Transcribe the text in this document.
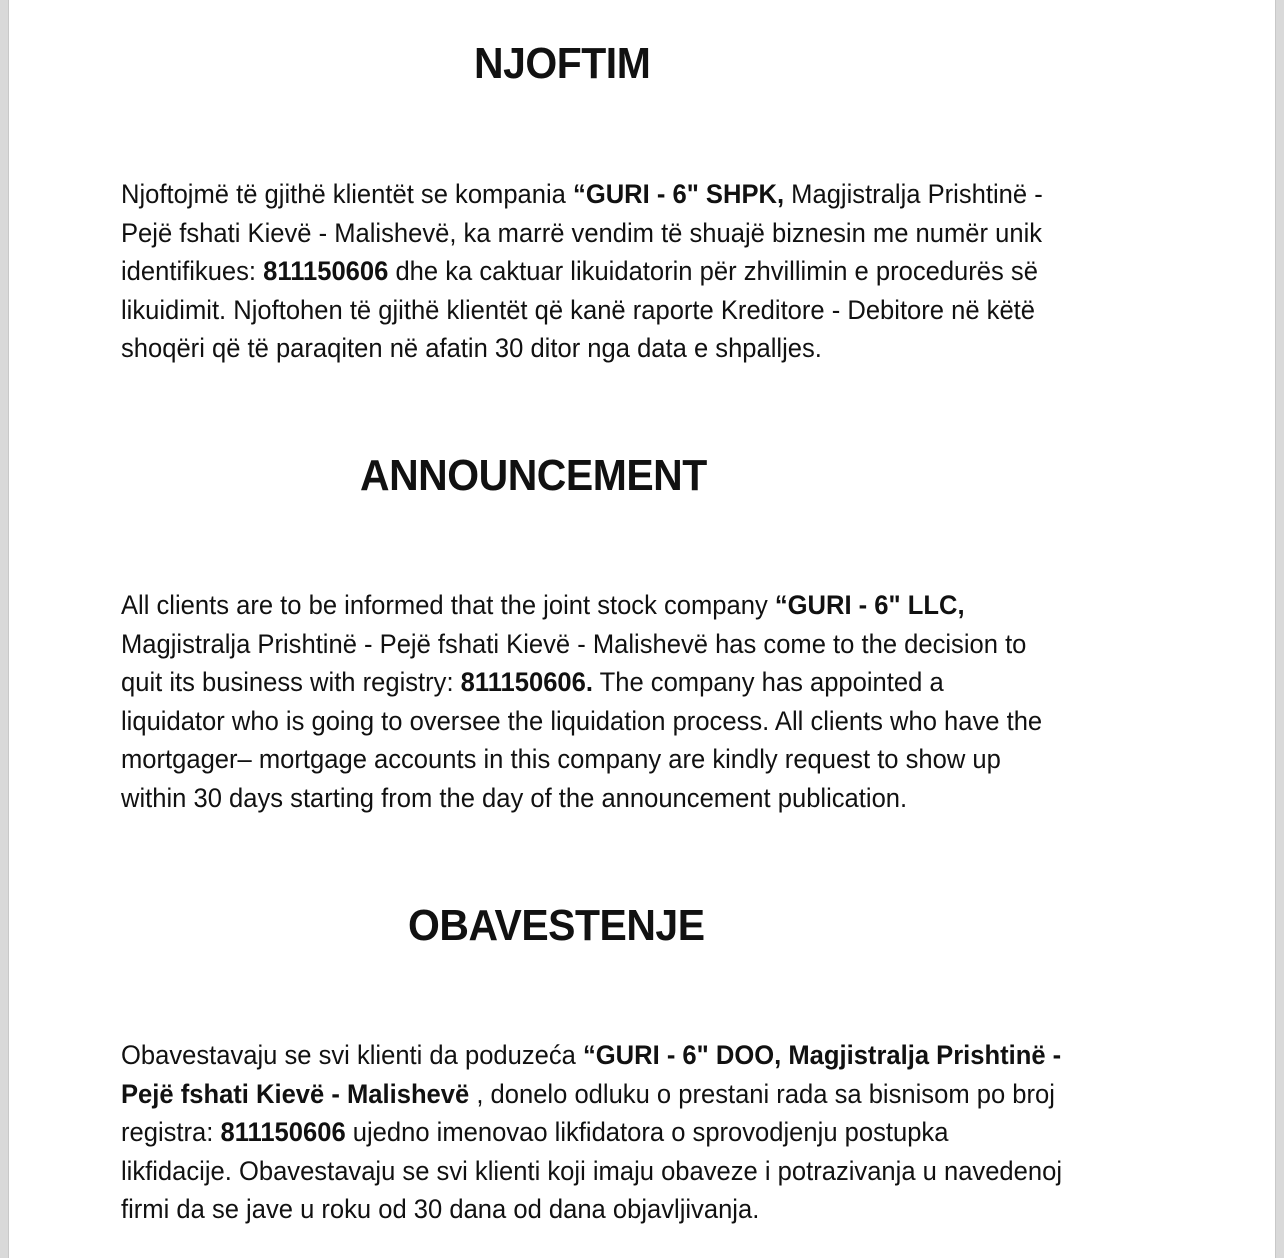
NJOFTIM
Njoftojmë të gjithë klientët se kompania “GURI - 6" SHPK, Magjistralja Prishtinë -
Pejë fshati Kievë - Malishevë, ka marrë vendim të shuajë biznesin me numër unik
identifikues: 811150606 dhe ka caktuar likuidatorin për zhvillimin e procedurës së
likuidimit. Njoftohen të gjithë klientët që kanë raporte Kreditore - Debitore në këtë
shoqëri që të paraqiten në afatin 30 ditor nga data e shpalljes.
ANNOUNCEMENT
All clients are to be informed that the joint stock company “GURI - 6" LLC,
Magjistralja Prishtinë - Pejë fshati Kievë - Malishevë has come to the decision to
quit its business with registry: 811150606. The company has appointed a
liquidator who is going to oversee the liquidation process. All clients who have the
mortgager– mortgage accounts in this company are kindly request to show up
within 30 days starting from the day of the announcement publication.
OBAVESTENJE
Obavestavaju se svi klienti da poduzeća “GURI - 6" DOO, Magjistralja Prishtinë -
Pejë fshati Kievë - Malishevë , donelo odluku o prestani rada sa bisnisom po broj
registra: 811150606 ujedno imenovao likfidatora o sprovodjenju postupka
likfidacije. Obavestavaju se svi klienti koji imaju obaveze i potrazivanja u navedenoj
firmi da se jave u roku od 30 dana od dana objavljivanja.
